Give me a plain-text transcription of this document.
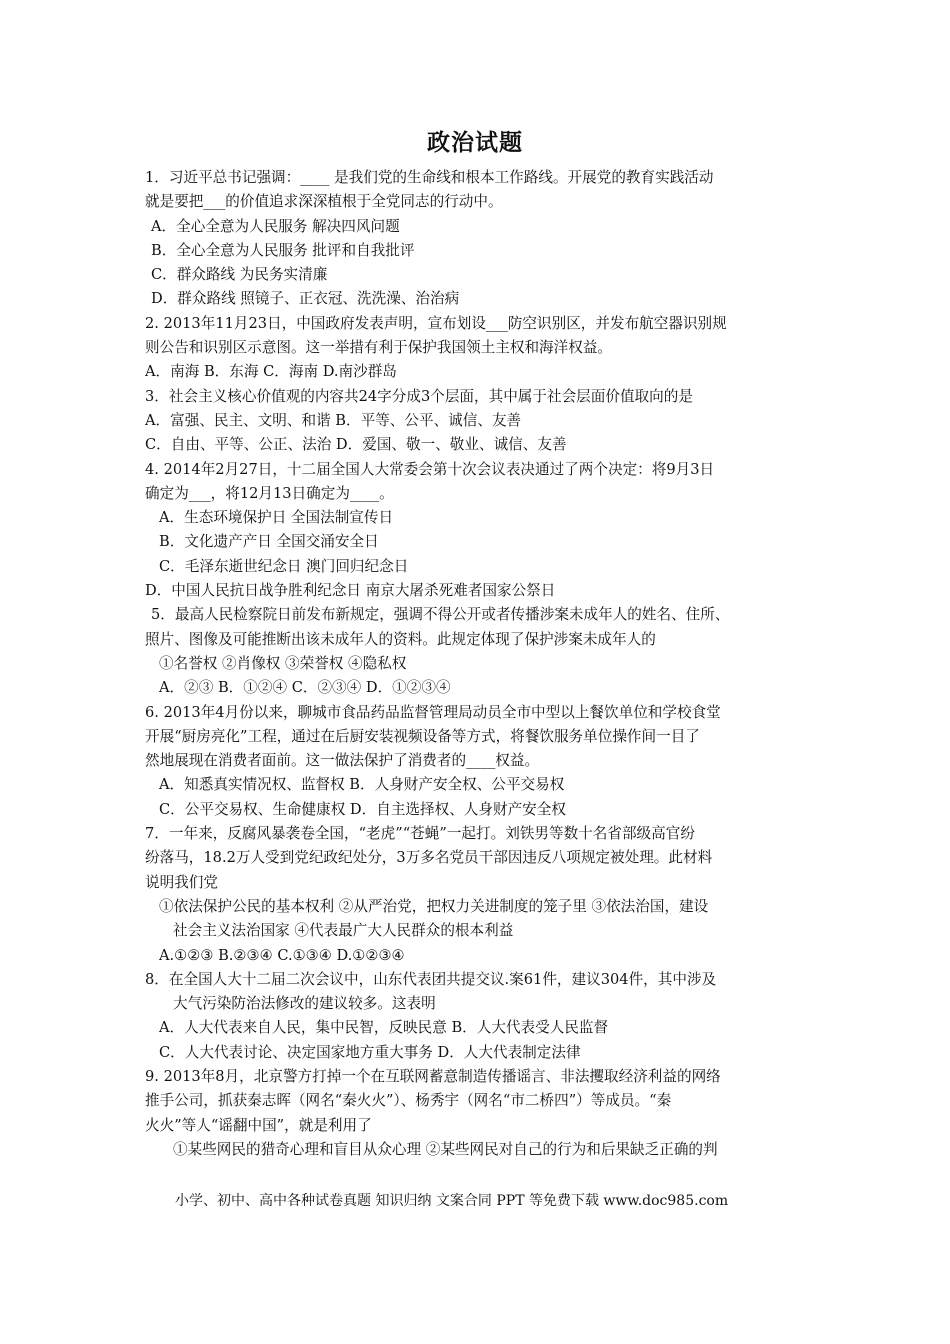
政治试题
1．习近平总书记强调：____ 是我们党的生命线和根本工作路线。开展党的教育实践活动
就是要把___的价值追求深深植根于全党同志的行动中。
A．全心全意为人民服务 解决四风问题
B．全心全意为人民服务 批评和自我批评
C．群众路线 为民务实清廉
D．群众路线 照镜子、正衣冠、洗洗澡、治治病
2. 2013年11月23日，中国政府发表声明，宣布划设___防空识别区，并发布航空器识别规
则公告和识别区示意图。这一举措有利于保护我国领土主权和海洋权益。
A．南海 B．东海 C．海南 D.南沙群岛
3．社会主义核心价值观的内容共24字分成3个层面，其中属于社会层面价值取向的是
A．富强、民主、文明、和谐 B．平等、公平、诚信、友善
C．自由、平等、公正、法治 D．爱国、敬一、敬业、诚信、友善
4. 2014年2月27日，十二届全国人大常委会第十次会议表决通过了两个决定：将9月3日
确定为___，将12月13日确定为____。
A．生态环境保护日 全国法制宣传日
B．文化遗产产日 全国交涌安全日
C．毛泽东逝世纪念日 澳门回归纪念日
D．中国人民抗日战争胜利纪念日 南京大屠杀死难者国家公祭日
5．最高人民检察院日前发布新规定，强调不得公开或者传播涉案未成年人的姓名、住所、
照片、图像及可能推断出该未成年人的资料。此规定体现了保护涉案未成年人的
①名誉权 ②肖像权 ③荣誉权 ④隐私权
A．②③ B．①②④ C．②③④ D．①②③④
6. 2013年4月份以来，聊城市食品药品监督管理局动员全市中型以上餐饮单位和学校食堂
开展“厨房亮化”工程，通过在后厨安装视频设备等方式，将餐饮服务单位操作间一目了
然地展现在消费者面前。这一做法保护了消费者的____权益。
A．知悉真实情况权、监督权 B．人身财产安全权、公平交易权
C．公平交易权、生命健康权 D．自主选择权、人身财产安全权
7．一年来，反腐风暴袭卷全国，“老虎”“苍蝇”一起打。刘铁男等数十名省部级高官纷
纷落马，18.2万人受到党纪政纪处分，3万多名党员干部因违反八项规定被处理。此材料
说明我们党
①依法保护公民的基本权利 ②从严治党，把权力关进制度的笼子里 ③依法治国，建设
社会主义法治国家 ④代表最广大人民群众的根本利益
A.①②③ B.②③④ C.①③④ D.①②③④
8．在全国人大十二届二次会议中，山东代表团共提交议.案61件，建议304件，其中涉及
大气污染防治法修改的建议较多。这表明
A．人大代表来自人民，集中民智，反映民意 B．人大代表受人民监督
C．人大代表讨论、决定国家地方重大事务 D．人大代表制定法律
9. 2013年8月，北京警方打掉一个在互联网蓄意制造传播谣言、非法攫取经济利益的网络
推手公司，抓获秦志晖（网名“秦火火”）、杨秀宇（网名“市二桥四”）等成员。“秦
火火”等人“谣翻中国”，就是利用了
①某些网民的猎奇心理和盲目从众心理 ②某些网民对自己的行为和后果缺乏正确的判
小学、初中、高中各种试卷真题 知识归纳 文案合同 PPT 等免费下载 www.doc985.com
